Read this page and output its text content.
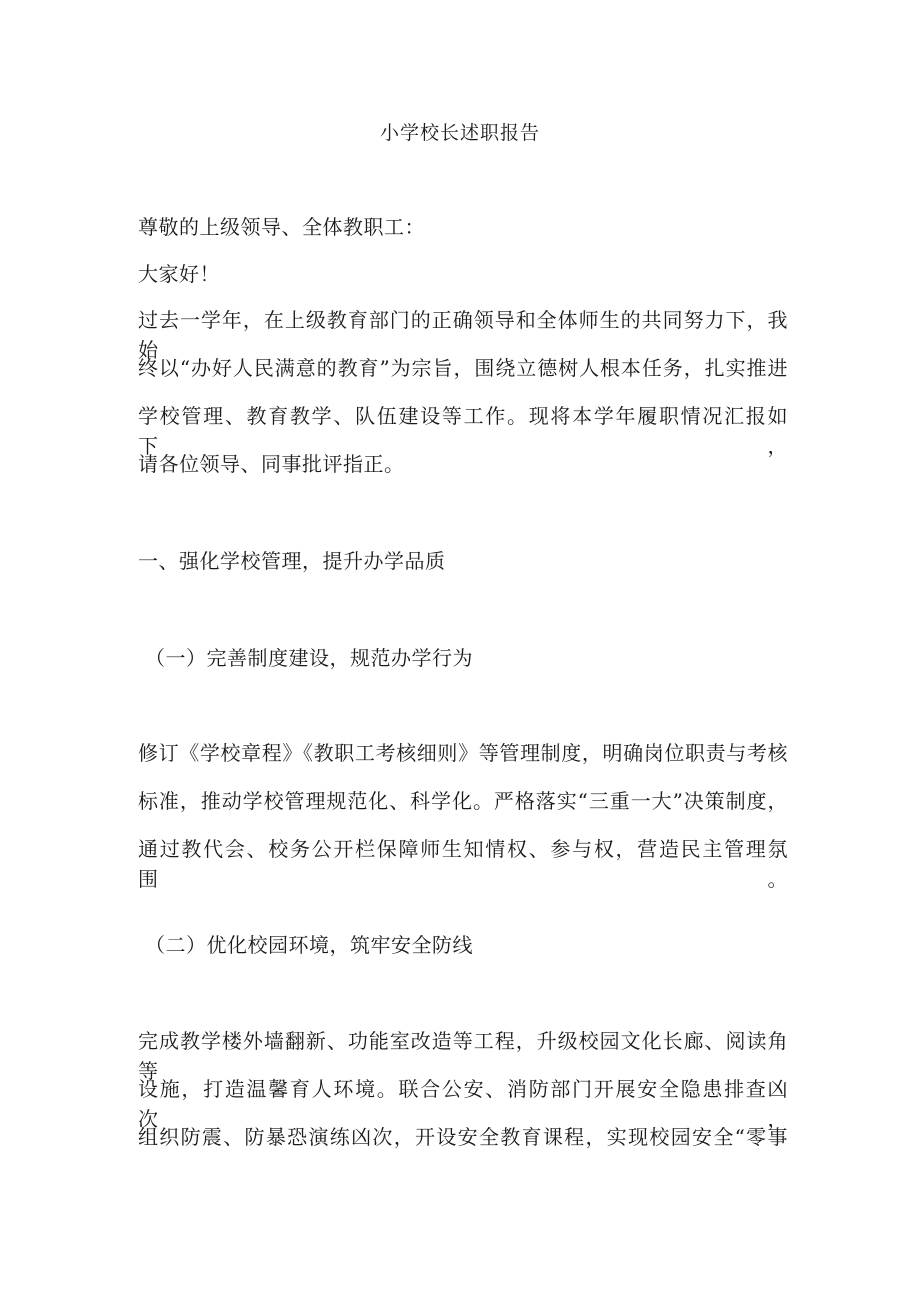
小学校长述职报告
尊敬的上级领导、全体教职工：
大家好！
过去一学年，在上级教育部门的正确领导和全体师生的共同努力下，我始
终以“办好人民满意的教育”为宗旨，围绕立德树人根本任务，扎实推进
学校管理、教育教学、队伍建设等工作。现将本学年履职情况汇报如下，
请各位领导、同事批评指正。
一、强化学校管理，提升办学品质
（一）完善制度建设，规范办学行为
修订《学校章程》《教职工考核细则》等管理制度，明确岗位职责与考核
标准，推动学校管理规范化、科学化。严格落实“三重一大”决策制度，
通过教代会、校务公开栏保障师生知情权、参与权，营造民主管理氛围。
（二）优化校园环境，筑牢安全防线
完成教学楼外墙翻新、功能室改造等工程，升级校园文化长廊、阅读角等
设施，打造温馨育人环境。联合公安、消防部门开展安全隐患排查凶次，
组织防震、防暴恐演练凶次，开设安全教育课程，实现校园安全“零事
